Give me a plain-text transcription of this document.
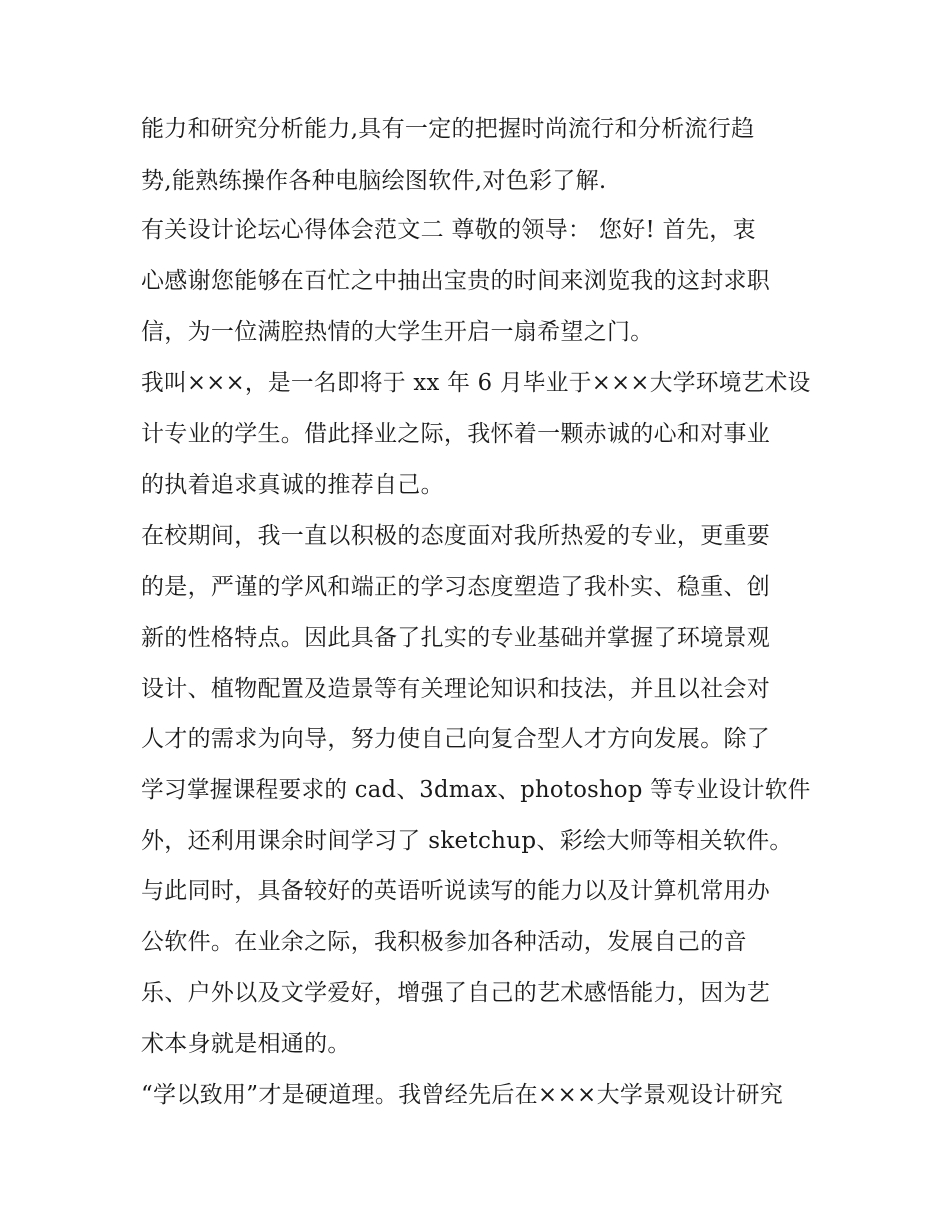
能力和研究分析能力,具有一定的把握时尚流行和分析流行趋
势,能熟练操作各种电脑绘图软件,对色彩了解.
有关设计论坛心得体会范文二 尊敬的领导： 您好! 首先，衷
心感谢您能够在百忙之中抽出宝贵的时间来浏览我的这封求职
信，为一位满腔热情的大学生开启一扇希望之门。
我叫×××，是一名即将于 xx 年 6 月毕业于×××大学环境艺术设
计专业的学生。借此择业之际，我怀着一颗赤诚的心和对事业
的执着追求真诚的推荐自己。
在校期间，我一直以积极的态度面对我所热爱的专业，更重要
的是，严谨的学风和端正的学习态度塑造了我朴实、稳重、创
新的性格特点。因此具备了扎实的专业基础并掌握了环境景观
设计、植物配置及造景等有关理论知识和技法，并且以社会对
人才的需求为向导，努力使自己向复合型人才方向发展。除了
学习掌握课程要求的 cad、3dmax、photoshop 等专业设计软件
外，还利用课余时间学习了 sketchup、彩绘大师等相关软件。
与此同时，具备较好的英语听说读写的能力以及计算机常用办
公软件。在业余之际，我积极参加各种活动，发展自己的音
乐、户外以及文学爱好，增强了自己的艺术感悟能力，因为艺
术本身就是相通的。
“学以致用”才是硬道理。我曾经先后在×××大学景观设计研究
